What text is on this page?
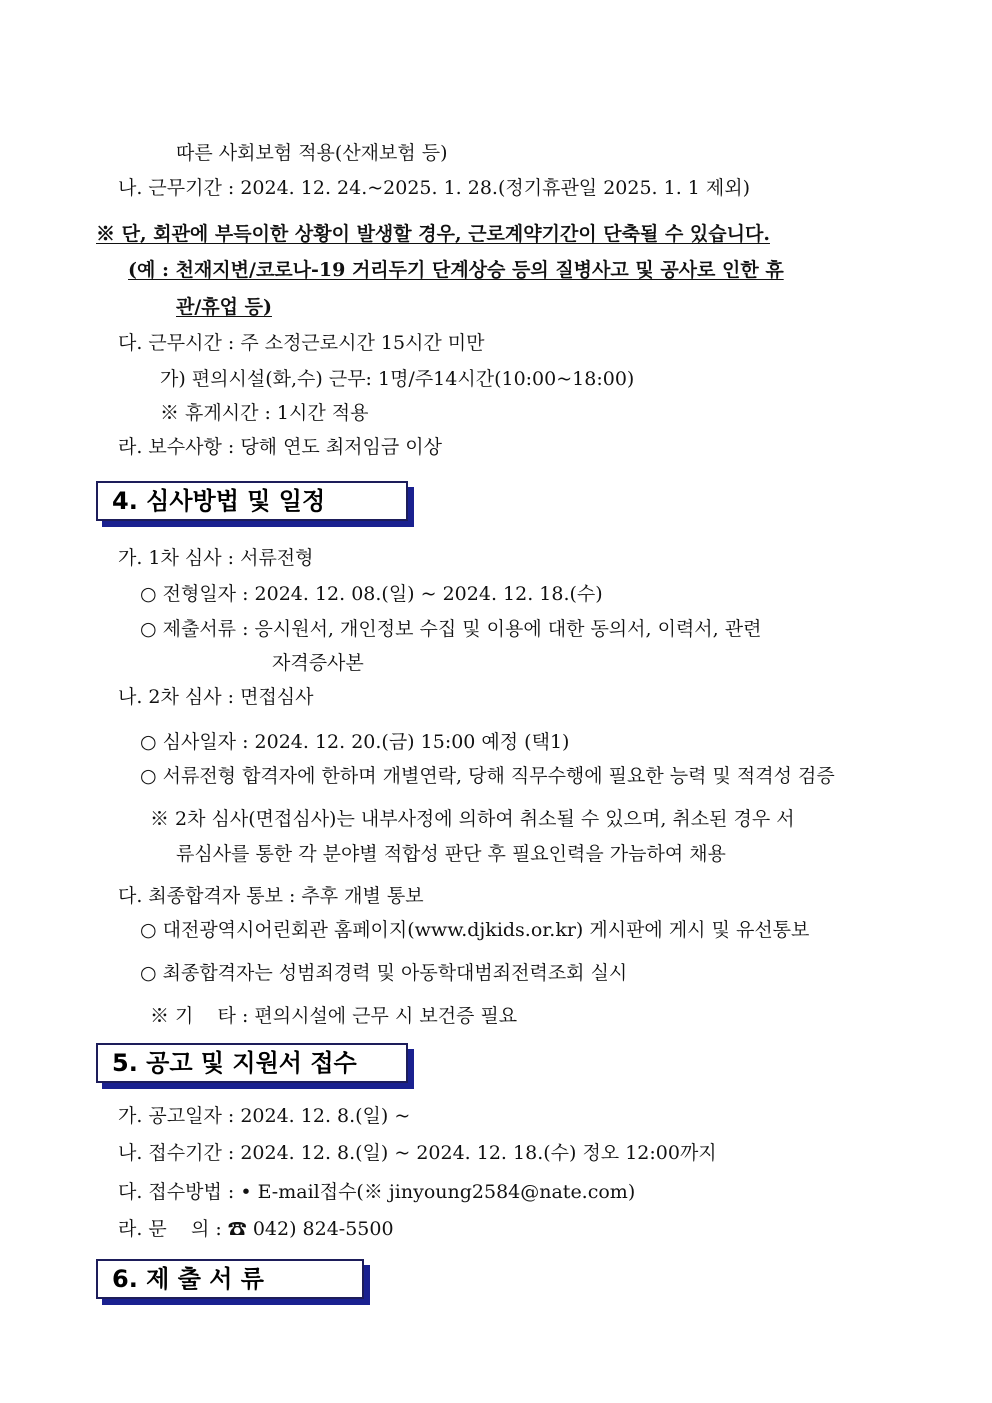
따른 사회보험 적용(산재보험 등)
나. 근무기간 : 2024. 12. 24.~2025. 1. 28.(정기휴관일 2025. 1. 1 제외)
※ 단, 회관에 부득이한 상황이 발생할 경우, 근로계약기간이 단축될 수 있습니다.
(예 : 천재지변/코로나-19 거리두기 단계상승 등의 질병사고 및 공사로 인한 휴
관/휴업 등)
다. 근무시간 : 주 소정근로시간 15시간 미만
가) 편의시설(화,수) 근무: 1명/주14시간(10:00~18:00)
※ 휴게시간 : 1시간 적용
라. 보수사항 : 당해 연도 최저임금 이상
4. 심사방법 및 일정
가. 1차 심사 : 서류전형
○ 전형일자 : 2024. 12. 08.(일) ~ 2024. 12. 18.(수)
○ 제출서류 : 응시원서, 개인정보 수집 및 이용에 대한 동의서, 이력서, 관련
자격증사본
나. 2차 심사 : 면접심사
○ 심사일자 : 2024. 12. 20.(금) 15:00 예정 (택1)
○ 서류전형 합격자에 한하며 개별연락, 당해 직무수행에 필요한 능력 및 적격성 검증
※ 2차 심사(면접심사)는 내부사정에 의하여 취소될 수 있으며, 취소된 경우 서
류심사를 통한 각 분야별 적합성 판단 후 필요인력을 가늠하여 채용
다. 최종합격자 통보 : 추후 개별 통보
○ 대전광역시어린회관 홈페이지(www.djkids.or.kr) 게시판에 게시 및 유선통보
○ 최종합격자는 성범죄경력 및 아동학대범죄전력조회 실시
※ 기    타 : 편의시설에 근무 시 보건증 필요
5. 공고 및 지원서 접수
가. 공고일자 : 2024. 12. 8.(일) ~
나. 접수기간 : 2024. 12. 8.(일) ~ 2024. 12. 18.(수) 정오 12:00까지
다. 접수방법 : • E-mail접수(※ jinyoung2584@nate.com)
라. 문    의 : ☎ 042) 824-5500
6. 제 출 서 류
